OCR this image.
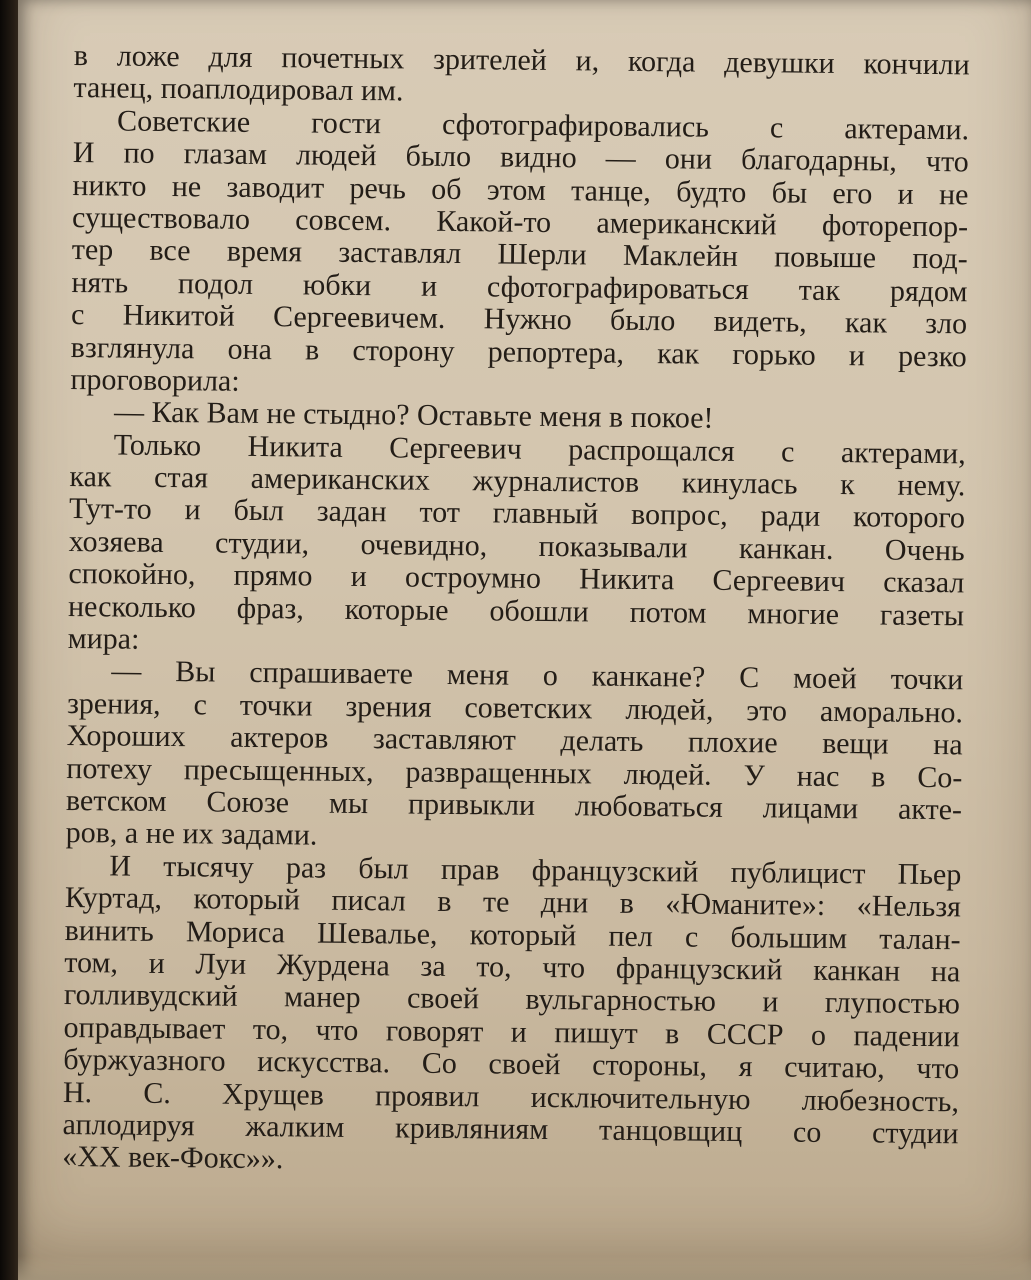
в ложе для почетных зрителей и, когда девушки кончили
танец, поаплодировал им.
Советские гости сфотографировались с актерами.
И по глазам людей было видно — они благодарны, что
никто не заводит речь об этом танце, будто бы его и не
существовало совсем. Какой-то американский фоторепор-
тер все время заставлял Шерли Маклейн повыше под-
нять подол юбки и сфотографироваться так рядом
с Никитой Сергеевичем. Нужно было видеть, как зло
взглянула она в сторону репортера, как горько и резко
проговорила:
— Как Вам не стыдно? Оставьте меня в покое!
Только Никита Сергеевич распрощался с актерами,
как стая американских журналистов кинулась к нему.
Тут-то и был задан тот главный вопрос, ради которого
хозяева студии, очевидно, показывали канкан. Очень
спокойно, прямо и остроумно Никита Сергеевич сказал
несколько фраз, которые обошли потом многие газеты
мира:
— Вы спрашиваете меня о канкане? С моей точки
зрения, с точки зрения советских людей, это аморально.
Хороших актеров заставляют делать плохие вещи на
потеху пресыщенных, развращенных людей. У нас в Со-
ветском Союзе мы привыкли любоваться лицами акте-
ров, а не их задами.
И тысячу раз был прав французский публицист Пьер
Куртад, который писал в те дни в «Юманите»: «Нельзя
винить Мориса Шевалье, который пел с большим талан-
том, и Луи Журдена за то, что французский канкан на
голливудский манер своей вульгарностью и глупостью
оправдывает то, что говорят и пишут в СССР о падении
буржуазного искусства. Со своей стороны, я считаю, что
Н. С. Хрущев проявил исключительную любезность,
аплодируя жалким кривляниям танцовщиц со студии
«XX век-Фокс»».
